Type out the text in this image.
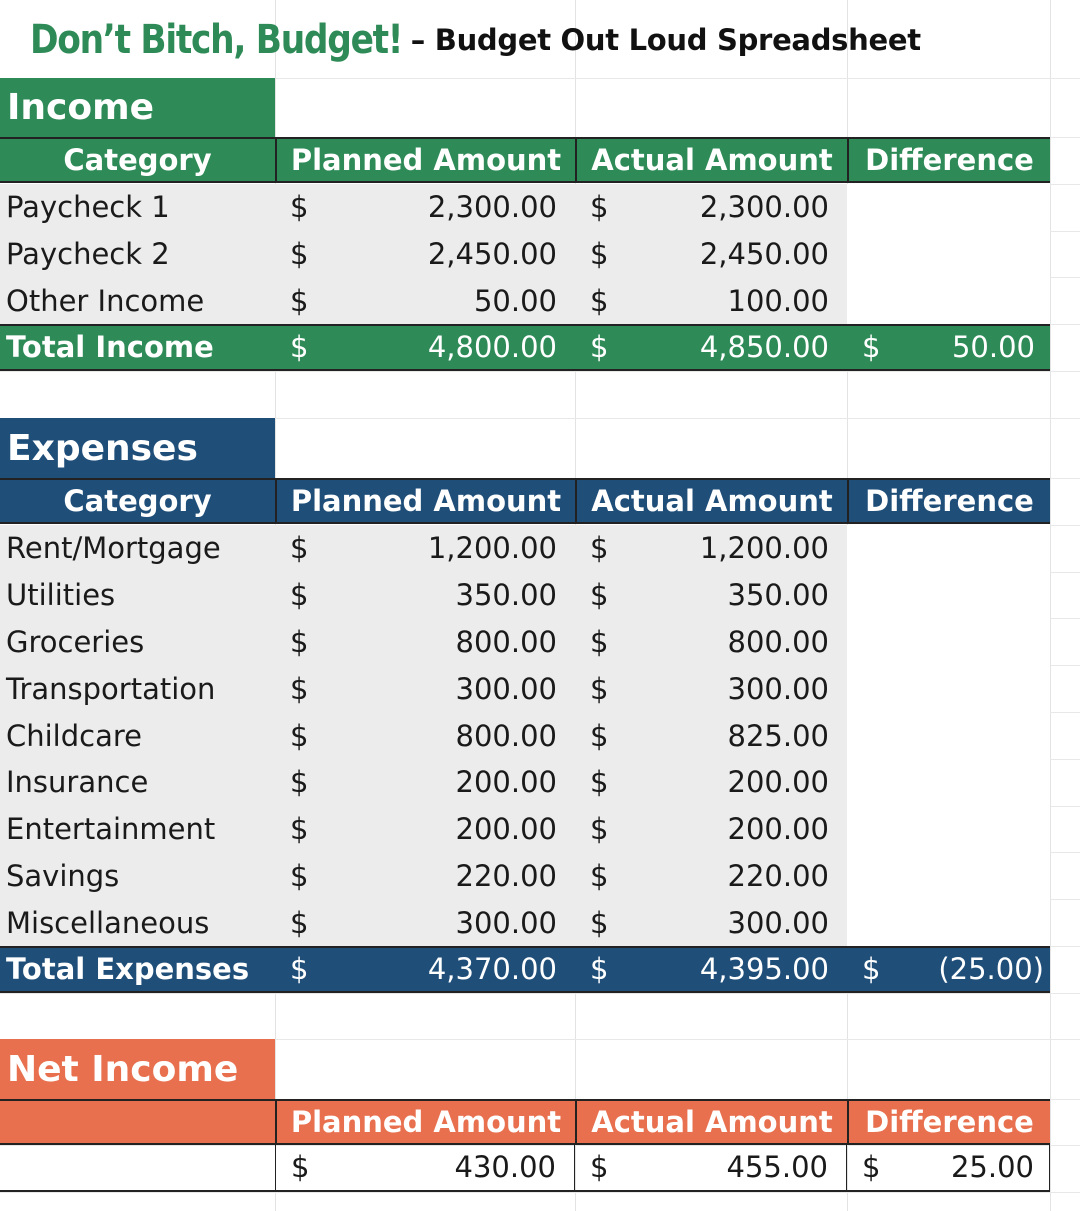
Don’t Bitch, Budget! – Budget Out Loud Spreadsheet
Income
Category	Planned Amount	Actual Amount	Difference
Paycheck 1	$	2,300.00	$	2,300.00
Paycheck 2	$	2,450.00	$	2,450.00
Other Income	$	50.00	$	100.00
Total Income	$	4,800.00	$	4,850.00	$	50.00
Expenses
Category	Planned Amount	Actual Amount	Difference
Rent/Mortgage	$	1,200.00	$	1,200.00
Utilities	$	350.00	$	350.00
Groceries	$	800.00	$	800.00
Transportation	$	300.00	$	300.00
Childcare	$	800.00	$	825.00
Insurance	$	200.00	$	200.00
Entertainment	$	200.00	$	200.00
Savings	$	220.00	$	220.00
Miscellaneous	$	300.00	$	300.00
Total Expenses	$	4,370.00	$	4,395.00	$	(25.00)
Net Income
Planned Amount	Actual Amount	Difference
$	430.00	$	455.00	$	25.00
